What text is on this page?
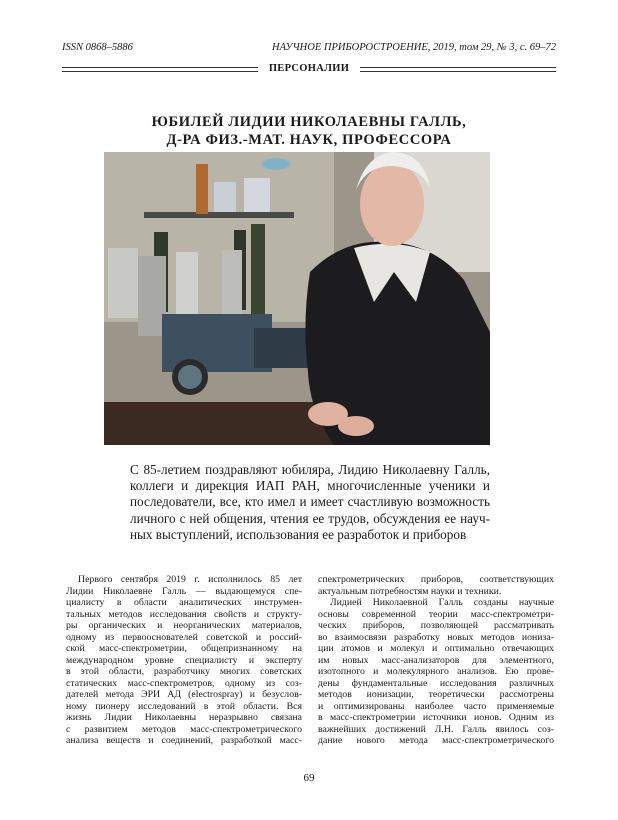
ISSN 0868–5886	НАУЧНОЕ ПРИБОРОСТРОЕНИЕ, 2019, том 29, № 3, с. 69–72
ПЕРСОНАЛИИ
ЮБИЛЕЙ ЛИДИИ НИКОЛАЕВНЫ ГАЛЛЬ,
Д-РА ФИЗ.-МАТ. НАУК, ПРОФЕССОРА
С 85-летием поздравляют юбиляра, Лидию Николаевну Галль,
коллеги и дирекция ИАП РАН, многочисленные ученики и
последователи, все, кто имел и имеет счастливую возможность
личного с ней общения, чтения ее трудов, обсуждения ее науч-
ных выступлений, использования ее разработок и приборов
Первого сентября 2019 г. исполнилось 85 лет
Лидии Николаевне Галль — выдающемуся спе-
циалисту в области аналитических инструмен-
тальных методов исследования свойств и структу-
ры органических и неорганических материалов,
одному из первооснователей советской и россий-
ской масс-спектрометрии, общепризнанному на
международном уровне специалисту и эксперту
в этой области, разработчику многих советских
статических масс-спектрометров, одному из соз-
дателей метода ЭРИ АД (electrospray) и безуслов-
ному пионеру исследований в этой области. Вся
жизнь Лидии Николаевны неразрывно связана
с развитием методов масс-спектрометрического
анализа веществ и соединений, разработкой масс-
спектрометрических приборов, соответствующих
актуальным потребностям науки и техники.
Лидией Николаевной Галль созданы научные
основы современной теории масс-спектрометри-
ческих приборов, позволяющей рассматривать
во взаимосвязи разработку новых методов иониза-
ции атомов и молекул и оптимально отвечающих
им новых масс-анализаторов для элементного,
изотопного и молекулярного анализов. Ею прове-
дены фундаментальные исследования различных
методов ионизации, теоретически рассмотрены
и оптимизированы наиболее часто применяемые
в масс-спектрометрии источники ионов. Одним из
важнейших достижений Л.Н. Галль явилось соз-
дание нового метода масс-спектрометрического
69
